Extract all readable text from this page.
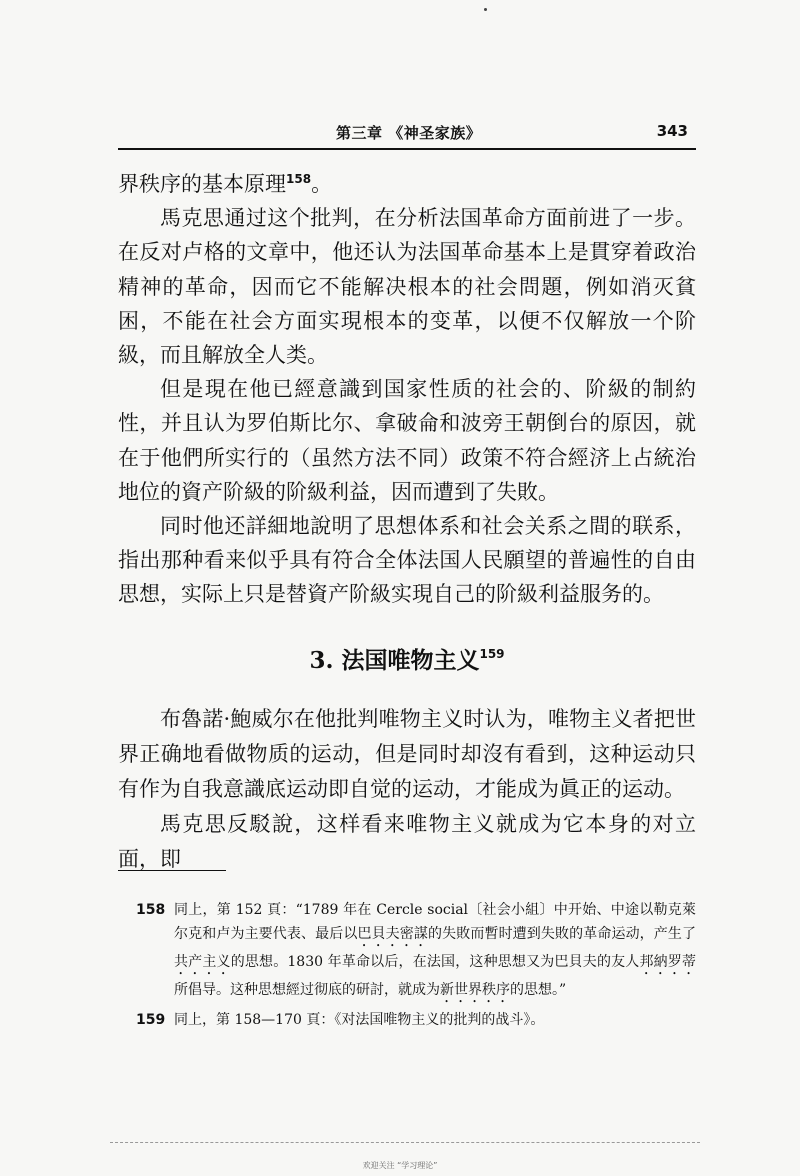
第三章 《神圣家族》	343

界秩序的基本原理$^{158}$。

馬克思通过这个批判，在分析法国革命方面前进了一步。在反对卢格的文章中，他还认为法国革命基本上是貫穿着政治精神的革命，因而它不能解决根本的社会問題，例如消灭貧困，不能在社会方面实現根本的变革，以便不仅解放一个阶級，而且解放全人类。

但是現在他已經意識到国家性质的社会的、阶級的制約性，并且认为罗伯斯比尔、拿破侖和波旁王朝倒台的原因，就在于他們所实行的（虽然方法不同）政策不符合經济上占統治地位的資产阶級的阶級利益，因而遭到了失敗。

同时他还詳細地說明了思想体系和社会关系之間的联系，指出那种看来似乎具有符合全体法国人民願望的普遍性的自由思想，实际上只是替資产阶級实現自己的阶級利益服务的。

3. 法国唯物主义$^{159}$

布魯諾·鮑威尔在他批判唯物主义时认为，唯物主义者把世界正确地看做物质的运动，但是同时却沒有看到，这种运动只有作为自我意識底运动即自觉的运动，才能成为眞正的运动。

馬克思反駁說，这样看来唯物主义就成为它本身的对立面，即

158 同上，第 152 頁：“1789 年在 Cercle social〔社会小組〕中开始、中途以勒克萊尔克和卢为主要代表、最后以巴貝夫密謀的失敗而暫时遭到失敗的革命运动，产生了共产主义的思想。1830 年革命以后，在法国，这种思想又为巴貝夫的友人邦納罗蒂所倡导。这种思想經过彻底的研討，就成为新世界秩序的思想。”
159 同上，第 158—170 頁：《对法国唯物主义的批判的战斗》。
欢迎关注 “学习理论”
